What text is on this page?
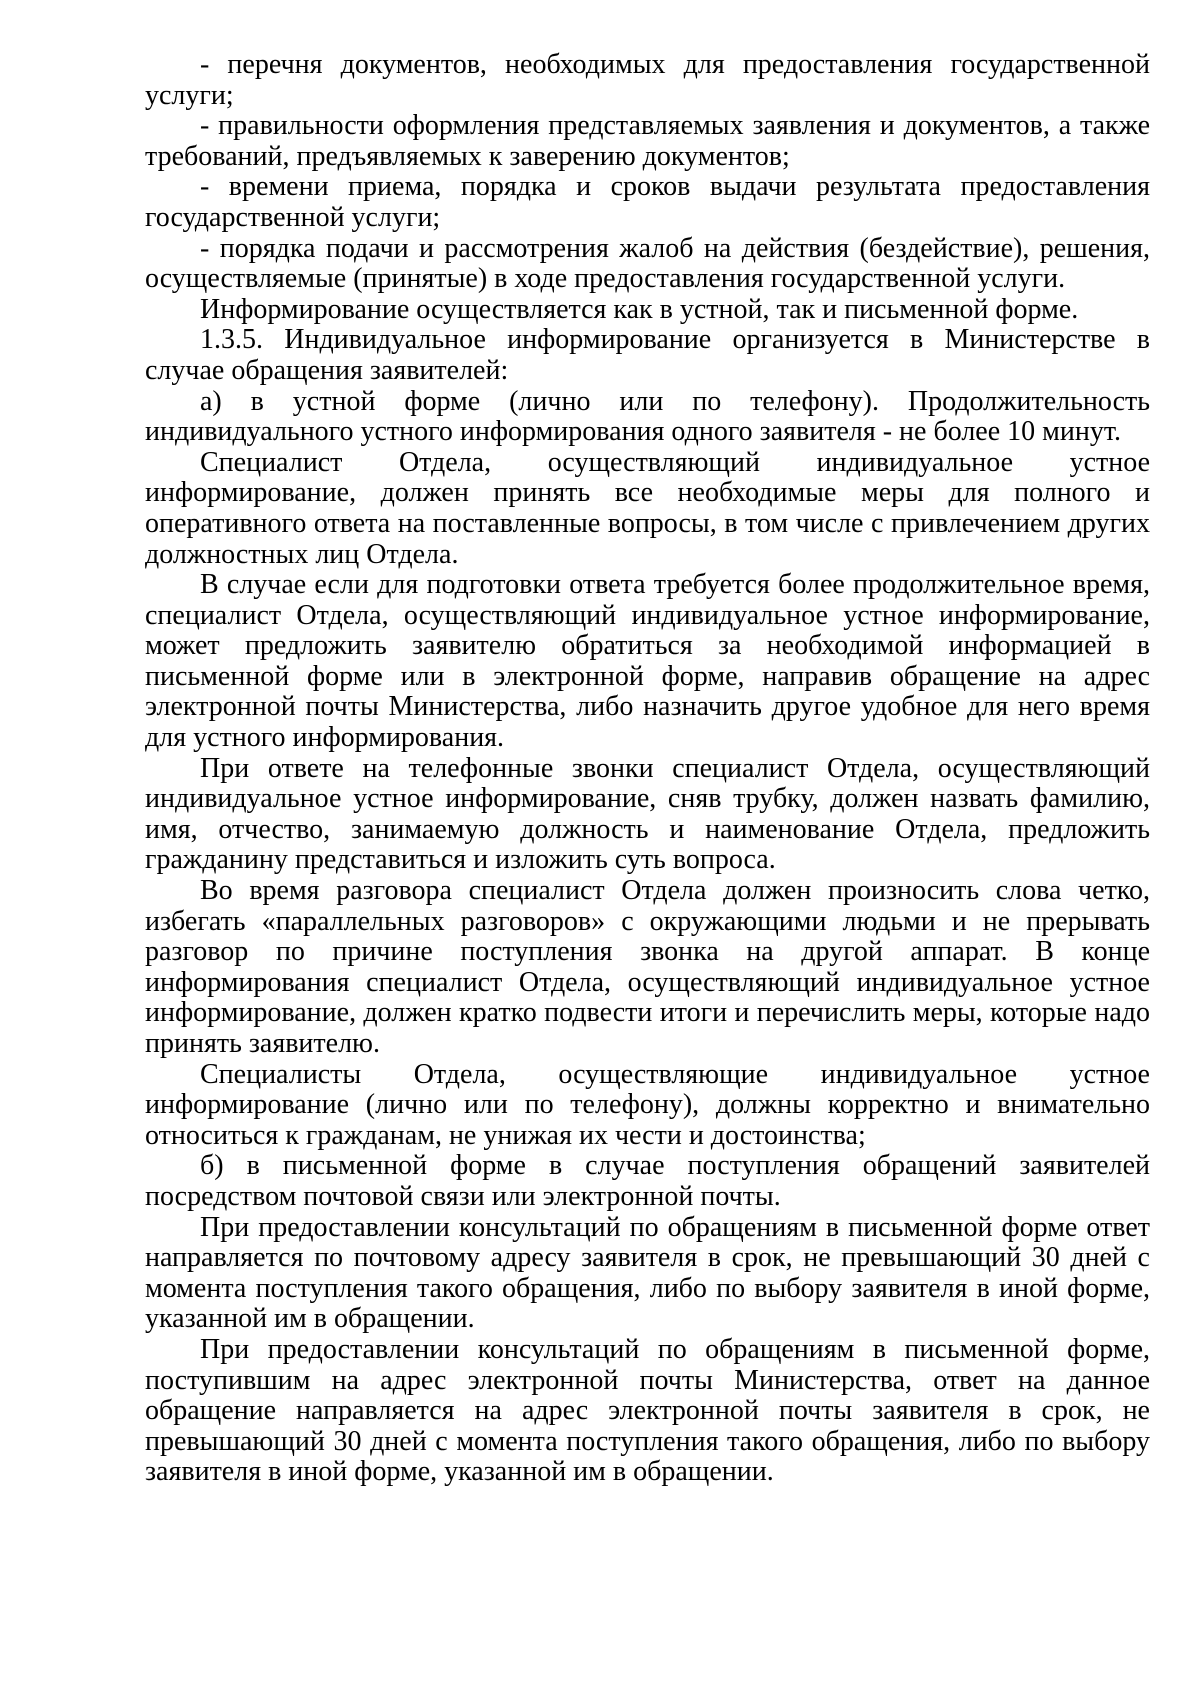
- перечня документов, необходимых для предоставления государственной услуги;

- правильности оформления представляемых заявления и документов, а также требований, предъявляемых к заверению документов;

- времени приема, порядка и сроков выдачи результата предоставления государственной услуги;

- порядка подачи и рассмотрения жалоб на действия (бездействие), решения, осуществляемые (принятые) в ходе предоставления государственной услуги.

Информирование осуществляется как в устной, так и письменной форме.

1.3.5. Индивидуальное информирование организуется в Министерстве в случае обращения заявителей:

а) в устной форме (лично или по телефону). Продолжительность индивидуального устного информирования одного заявителя - не более 10 минут.

Специалист Отдела, осуществляющий индивидуальное устное информирование, должен принять все необходимые меры для полного и оперативного ответа на поставленные вопросы, в том числе с привлечением других должностных лиц Отдела.

В случае если для подготовки ответа требуется более продолжительное время, специалист Отдела, осуществляющий индивидуальное устное информирование, может предложить заявителю обратиться за необходимой информацией в письменной форме или в электронной форме, направив обращение на адрес электронной почты Министерства, либо назначить другое удобное для него время для устного информирования.

При ответе на телефонные звонки специалист Отдела, осуществляющий индивидуальное устное информирование, сняв трубку, должен назвать фамилию, имя, отчество, занимаемую должность и наименование Отдела, предложить гражданину представиться и изложить суть вопроса.

Во время разговора специалист Отдела должен произносить слова четко, избегать «параллельных разговоров» с окружающими людьми и не прерывать разговор по причине поступления звонка на другой аппарат. В конце информирования специалист Отдела, осуществляющий индивидуальное устное информирование, должен кратко подвести итоги и перечислить меры, которые надо принять заявителю.

Специалисты Отдела, осуществляющие индивидуальное устное информирование (лично или по телефону), должны корректно и внимательно относиться к гражданам, не унижая их чести и достоинства;

б) в письменной форме в случае поступления обращений заявителей посредством почтовой связи или электронной почты.

При предоставлении консультаций по обращениям в письменной форме ответ направляется по почтовому адресу заявителя в срок, не превышающий 30 дней с момента поступления такого обращения, либо по выбору заявителя в иной форме, указанной им в обращении.

При предоставлении консультаций по обращениям в письменной форме, поступившим на адрес электронной почты Министерства, ответ на данное обращение направляется на адрес электронной почты заявителя в срок, не превышающий 30 дней с момента поступления такого обращения, либо по выбору заявителя в иной форме, указанной им в обращении.
